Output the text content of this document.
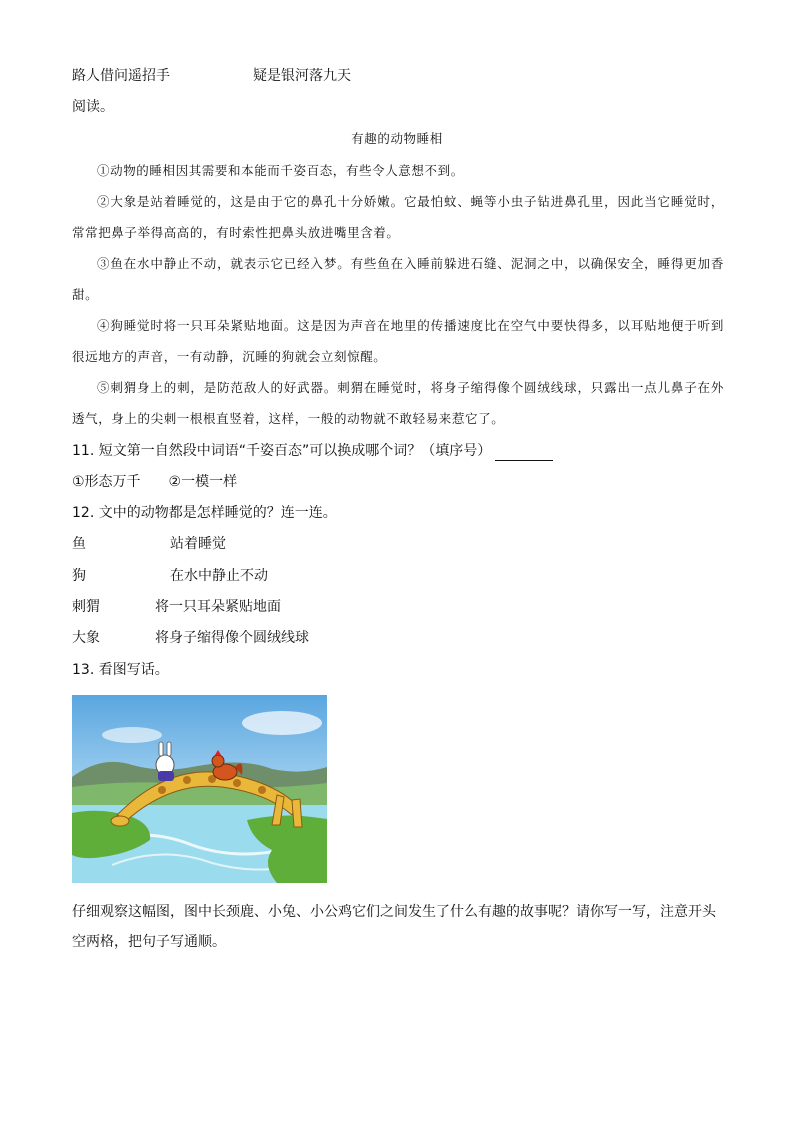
路人借问遥招手	疑是银河落九天
阅读。
有趣的动物睡相

①动物的睡相因其需要和本能而千姿百态，有些令人意想不到。

②大象是站着睡觉的，这是由于它的鼻孔十分娇嫩。它最怕蚊、蝇等小虫子钻进鼻孔里，因此当它睡觉时，常常把鼻子举得高高的，有时索性把鼻头放进嘴里含着。

③鱼在水中静止不动，就表示它已经入梦。有些鱼在入睡前躲进石缝、泥洞之中，以确保安全，睡得更加香甜。

④狗睡觉时将一只耳朵紧贴地面。这是因为声音在地里的传播速度比在空气中要快得多，以耳贴地便于听到很远地方的声音，一有动静，沉睡的狗就会立刻惊醒。

⑤刺猬身上的刺，是防范敌人的好武器。刺猬在睡觉时，将身子缩得像个圆绒线球，只露出一点儿鼻子在外透气，身上的尖刺一根根直竖着，这样，一般的动物就不敢轻易来惹它了。

11. 短文第一自然段中词语“千姿百态”可以换成哪个词？（填序号）
①形态万千　　②一模一样
12. 文中的动物都是怎样睡觉的？连一连。
鱼	站着睡觉
狗	在水中静止不动
刺猬	将一只耳朵紧贴地面
大象	将身子缩得像个圆绒线球
13. 看图写话。
仔细观察这幅图，图中长颈鹿、小兔、小公鸡它们之间发生了什么有趣的故事呢？请你写一写，注意开头空两格，把句子写通顺。
